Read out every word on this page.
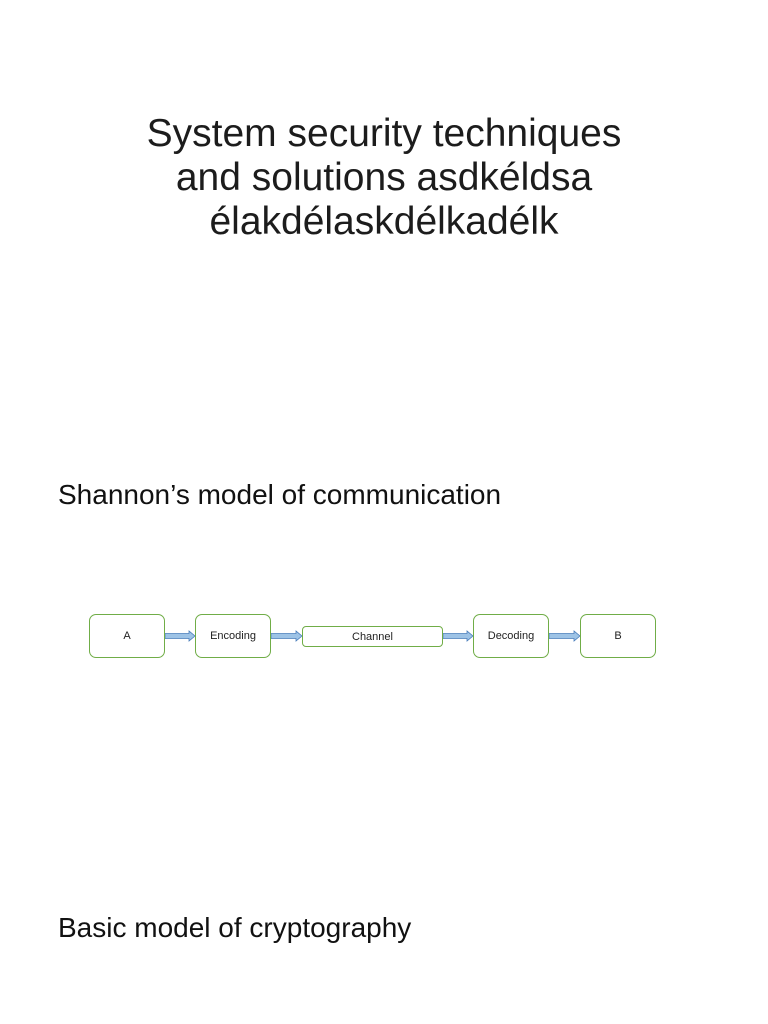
System security techniques
and solutions asdkéldsa
élakdélaskdélkadélk
Shannon’s model of communication
A	Encoding	Channel	Decoding	B
Basic model of cryptography
